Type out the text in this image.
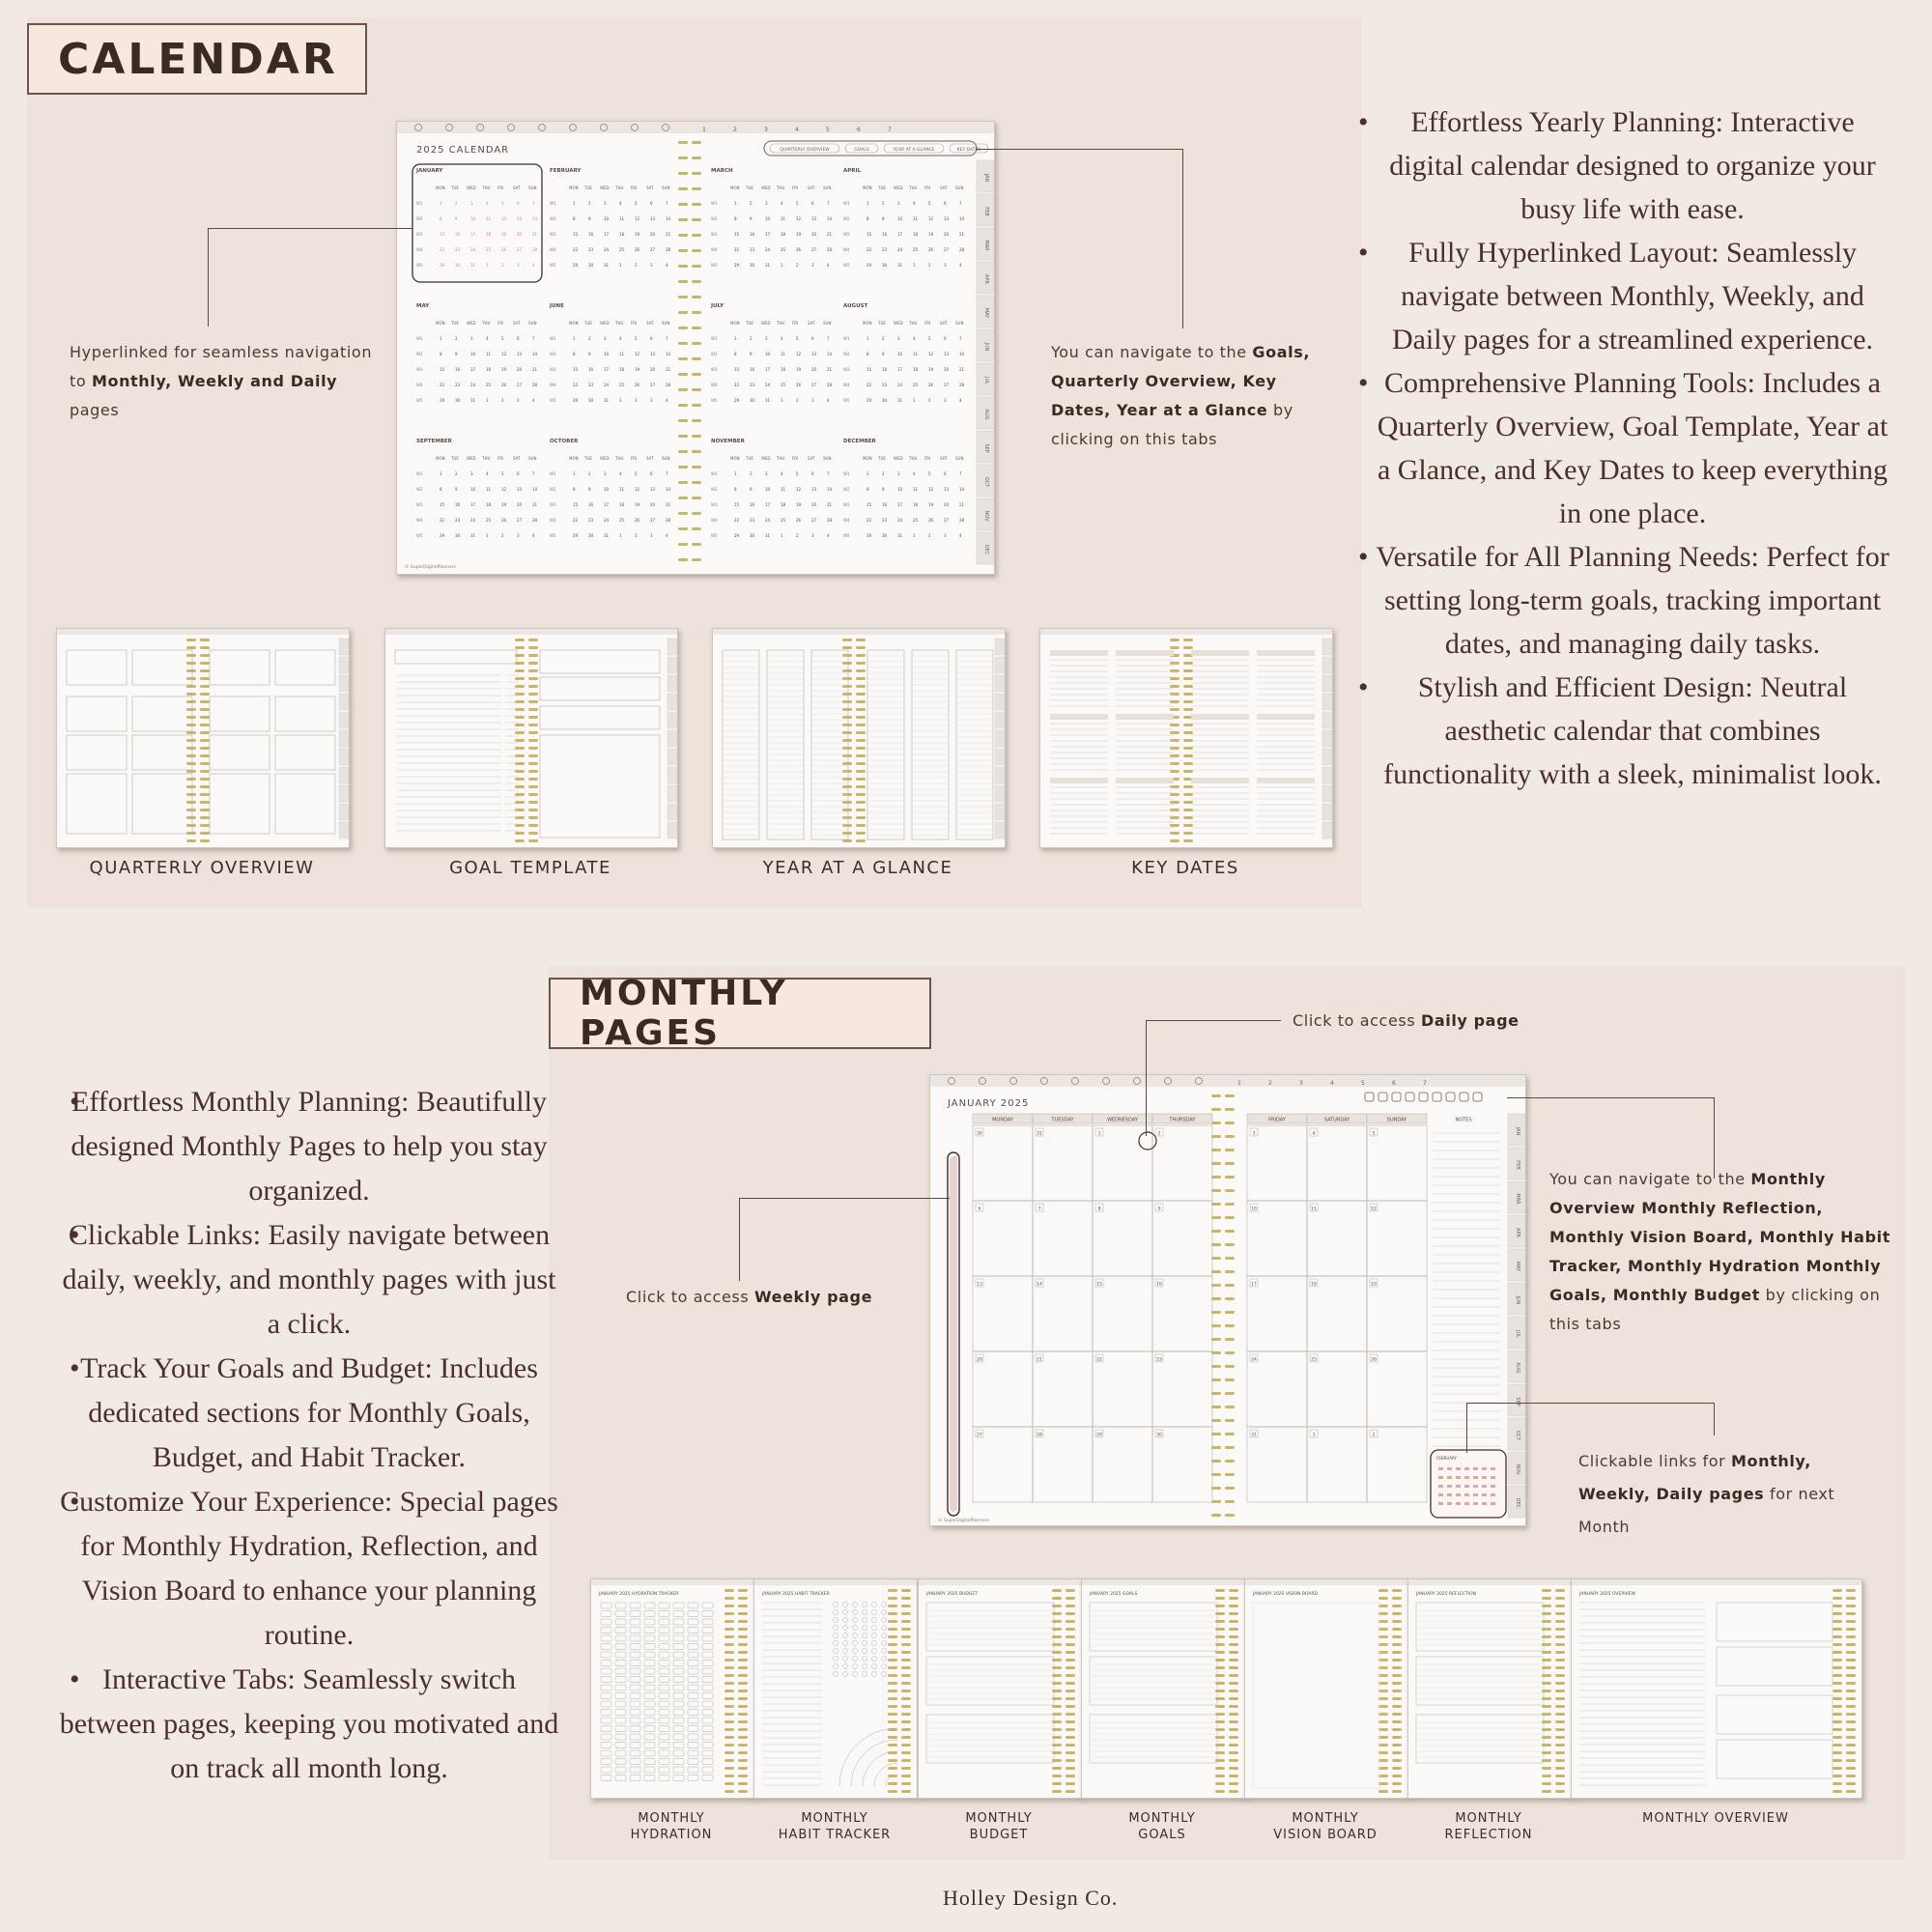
CALENDAR
1	2	3	4	5	6	7
2025 CALENDAR	QUARTERLY OVERVIEW	GOALS	YEAR AT A GLANCE	KEY DATES
JAN
FEB
MAR
APR
MAY
JUN
JUL
AUG
SEP
OCT
NOV
DEC
JANUARY
MON TUE WED THU FRI SAT SUN
W1	1	2	3	4	5	6	7
W2	8	9	10	11	12	13	14
W3	15	16	17	18	19	20	21
W4	22	23	24	25	26	27	28
W5	29	30	31	1	2	3	4
FEBRUARY
MON TUE WED THU FRI SAT SUN
W1	1	2	3	4	5	6	7
W2	8	9	10	11	12	13	14
W3	15	16	17	18	19	20	21
W4	22	23	24	25	26	27	28
W5	29	30	31	1	2	3	4
MAY
MON TUE WED THU FRI SAT SUN
W1	1	2	3	4	5	6	7
W2	8	9	10	11	12	13	14
W3	15	16	17	18	19	20	21
W4	22	23	24	25	26	27	28
W5	29	30	31	1	2	3	4
JUNE
MON TUE WED THU FRI SAT SUN
W1	1	2	3	4	5	6	7
W2	8	9	10	11	12	13	14
W3	15	16	17	18	19	20	21
W4	22	23	24	25	26	27	28
W5	29	30	31	1	2	3	4
SEPTEMBER
MON TUE WED THU FRI SAT SUN
W1	1	2	3	4	5	6	7
W2	8	9	10	11	12	13	14
W3	15	16	17	18	19	20	21
W4	22	23	24	25	26	27	28
W5	29	30	31	1	2	3	4
OCTOBER
MON TUE WED THU FRI SAT SUN
W1	1	2	3	4	5	6	7
W2	8	9	10	11	12	13	14
W3	15	16	17	18	19	20	21
W4	22	23	24	25	26	27	28
W5	29	30	31	1	2	3	4
MARCH
MON TUE WED THU FRI SAT SUN
W1	1	2	3	4	5	6	7
W2	8	9	10	11	12	13	14
W3	15	16	17	18	19	20	21
W4	22	23	24	25	26	27	28
W5	29	30	31	1	2	3	4
APRIL
MON TUE WED THU FRI SAT SUN
W1	1	2	3	4	5	6	7
W2	8	9	10	11	12	13	14
W3	15	16	17	18	19	20	21
W4	22	23	24	25	26	27	28
W5	29	30	31	1	2	3	4
JULY
MON TUE WED THU FRI SAT SUN
W1	1	2	3	4	5	6	7
W2	8	9	10	11	12	13	14
W3	15	16	17	18	19	20	21
W4	22	23	24	25	26	27	28
W5	29	30	31	1	2	3	4
AUGUST
MON TUE WED THU FRI SAT SUN
W1	1	2	3	4	5	6	7
W2	8	9	10	11	12	13	14
W3	15	16	17	18	19	20	21
W4	22	23	24	25	26	27	28
W5	29	30	31	1	2	3	4
NOVEMBER
MON TUE WED THU FRI SAT SUN
W1	1	2	3	4	5	6	7
W2	8	9	10	11	12	13	14
W3	15	16	17	18	19	20	21
W4	22	23	24	25	26	27	28
W5	29	30	31	1	2	3	4
DECEMBER
MON TUE WED THU FRI SAT SUN
W1	1	2	3	4	5	6	7
W2	8	9	10	11	12	13	14
W3	15	16	17	18	19	20	21
W4	22	23	24	25	26	27	28
W5	29	30	31	1	2	3	4
© SuperDigitalPlanners
Hyperlinked for seamless navigation to Monthly, Weekly and Daily pages
You can navigate to the Goals, Quarterly Overview, Key Dates, Year at a Glance by clicking on this tabs
• Effortless Yearly Planning: Interactive digital calendar designed to organize your busy life with ease.
• Fully Hyperlinked Layout: Seamlessly navigate between Monthly, Weekly, and Daily pages for a streamlined experience.
• Comprehensive Planning Tools: Includes a Quarterly Overview, Goal Template, Year at a Glance, and Key Dates to keep everything in one place.
• Versatile for All Planning Needs: Perfect for setting long-term goals, tracking important dates, and managing daily tasks.
• Stylish and Efficient Design: Neutral aesthetic calendar that combines functionality with a sleek, minimalist look.
QUARTERLY OVERVIEW	GOAL TEMPLATE	YEAR AT A GLANCE	KEY DATES
MONTHLY PAGES
• Effortless Monthly Planning: Beautifully designed Monthly Pages to help you stay organized.
• Clickable Links: Easily navigate between daily, weekly, and monthly pages with just a click.
• Track Your Goals and Budget: Includes dedicated sections for Monthly Goals, Budget, and Habit Tracker.
• Customize Your Experience: Special pages for Monthly Hydration, Reflection, and Vision Board to enhance your planning routine.
• Interactive Tabs: Seamlessly switch between pages, keeping you motivated and on track all month long.
1	2	3	4	5	6	7
JANUARY 2025
JAN
FEB
MAR
APR
MAY
JUN
JUL
AUG
SEP
OCT
NOV
DEC
MONDAY	TUESDAY	WEDNESDAY	THURSDAY	FRIDAY	SATURDAY	SUNDAY	NOTES
30	31	1	2	3	4	5
6	7	8	9	10	11	12
13	14	15	16	17	18	19
20	21	22	23	24	25	26
27	28	29	30	31	1	2
FEBRUARY
© SuperDigitalPlanners
Click to access Daily page
Click to access Weekly page
You can navigate to the Monthly Overview Monthly Reflection, Monthly Vision Board, Monthly Habit Tracker, Monthly Hydration Monthly Goals, Monthly Budget by clicking on this tabs
Clickable links for Monthly, Weekly, Daily pages for next Month
JANUARY 2025 HYDRATION TRACKER
MONTHLY
HYDRATION
JANUARY 2025 HABIT TRACKER
MONTHLY
HABIT TRACKER
JANUARY 2025 BUDGET
MONTHLY
BUDGET
JANUARY 2025 GOALS
MONTHLY
GOALS
JANUARY 2025 VISION BOARD
MONTHLY
VISION BOARD
JANUARY 2025 REFLECTION
MONTHLY
REFLECTION
JANUARY 2025 OVERVIEW
MONTHLY OVERVIEW
Holley Design Co.
